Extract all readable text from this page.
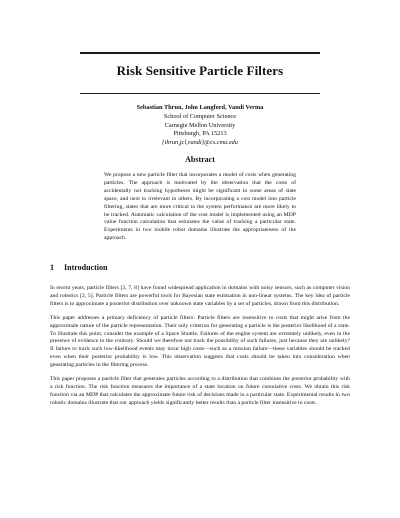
Risk Sensitive Particle Filters
Sebastian Thrun, John Langford, Vandi Verma
School of Computer Science
Carnegie Mellon University
Pittsburgh, PA 15213
{thrun,jcl,vandi}@cs.cmu.edu
Abstract
We propose a new particle filter that incorporates a model of costs when generating particles. The approach is motivated by the observation that the costs of accidentally not tracking hypotheses might be significant in some areas of state space, and next to irrelevant in others. By incorporating a cost model into particle filtering, states that are more critical to the system performance are more likely to be tracked. Automatic calculation of the cost model is implemented using an MDP value function calculation that estimates the value of tracking a particular state. Experiments in two mobile robot domains illustrate the appropriateness of the approach.
1 Introduction

In recent years, particle filters [3, 7, 8] have found widespread application in domains with noisy sensors, such as computer vision and robotics [2, 5]. Particle filters are powerful tools for Bayesian state estimation in non-linear systems. The key idea of particle filters is to approximate a posterior distribution over unknown state variables by a set of particles, drawn from this distribution.

This paper addresses a primary deficiency of particle filters: Particle filters are insensitive to costs that might arise from the approximate nature of the particle representation. Their only criterion for generating a particle is the posterior likelihood of a state. To illustrate this point, consider the example of a Space Shuttle. Failures of the engine system are extremely unlikely, even in the presence of evidence to the contrary. Should we therefore not track the possibility of such failures, just because they are unlikely? If failure to track such low-likelihood events may incur high costs—such as a mission failure—these variables should be tracked even when their posterior probability is low. This observation suggests that costs should be taken into consideration when generating particles in the filtering process.

This paper proposes a particle filter that generates particles according to a distribution that combines the posterior probability with a risk function. The risk function measures the importance of a state location on future cumulative costs. We obtain this risk function via an MDP that calculates the approximate future risk of decisions made in a particular state. Experimental results in two robotic domains illustrate that our approach yields significantly better results than a particle filter insensitive to costs.
